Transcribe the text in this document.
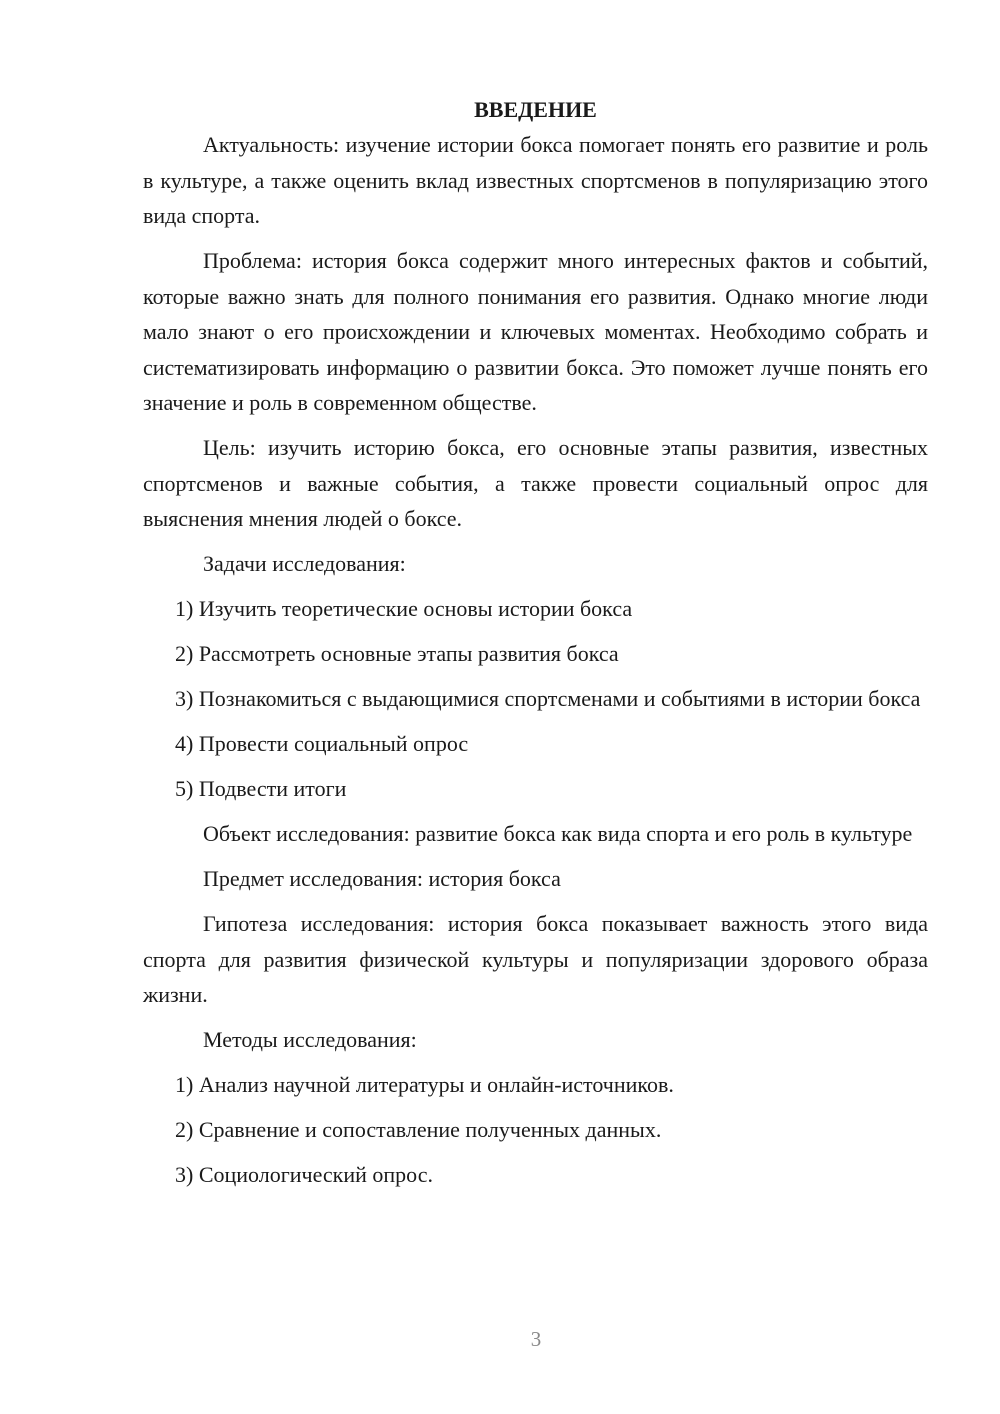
ВВЕДЕНИЕ

Актуальность: изучение истории бокса помогает понять его развитие и роль в культуре, а также оценить вклад известных спортсменов в популяризацию этого вида спорта.

Проблема: история бокса содержит много интересных фактов и событий, которые важно знать для полного понимания его развития. Однако многие люди мало знают о его происхождении и ключевых моментах. Необходимо собрать и систематизировать информацию о развитии бокса. Это поможет лучше понять его значение и роль в современном обществе.

Цель: изучить историю бокса, его основные этапы развития, известных спортсменов и важные события, а также провести социальный опрос для выяснения мнения людей о боксе.

Задачи исследования:

1) Изучить теоретические основы истории бокса

2) Рассмотреть основные этапы развития бокса

3) Познакомиться с выдающимися спортсменами и событиями в истории бокса

4) Провести социальный опрос

5) Подвести итоги

Объект исследования: развитие бокса как вида спорта и его роль в культуре

Предмет исследования: история бокса

Гипотеза исследования: история бокса показывает важность этого вида спорта для развития физической культуры и популяризации здорового образа жизни.

Методы исследования:

1) Анализ научной литературы и онлайн-источников.

2) Сравнение и сопоставление полученных данных.

3) Социологический опрос.

3
